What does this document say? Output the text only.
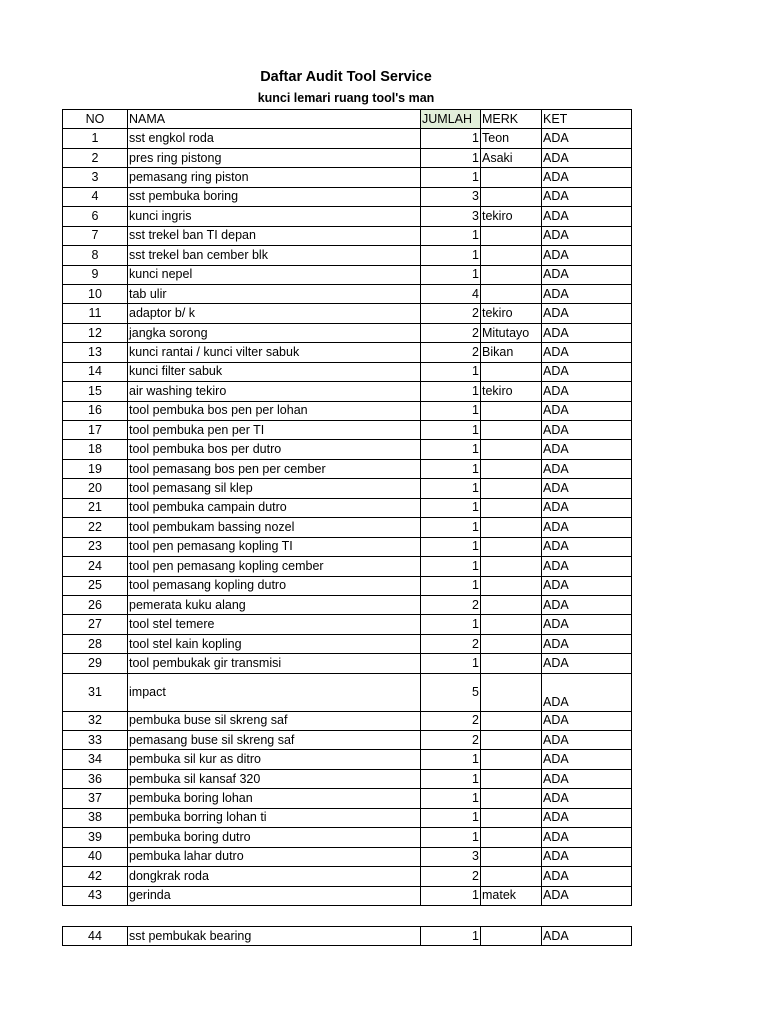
Daftar Audit Tool Service
kunci lemari ruang tool's man
NO	NAMA	JUMLAH	MERK	KET
1	sst engkol roda	1	Teon	ADA
2	pres ring pistong	1	Asaki	ADA
3	pemasang ring piston	1		ADA
4	sst pembuka boring	3		ADA
6	kunci ingris	3	tekiro	ADA
7	sst trekel ban TI depan	1		ADA
8	sst trekel ban cember blk	1		ADA
9	kunci nepel	1		ADA
10	tab ulir	4		ADA
11	adaptor b/ k	2	tekiro	ADA
12	jangka sorong	2	Mitutayo	ADA
13	kunci rantai / kunci vilter sabuk	2	Bikan	ADA
14	kunci filter sabuk	1		ADA
15	air washing tekiro	1	tekiro	ADA
16	tool pembuka bos pen per lohan	1		ADA
17	tool pembuka pen per TI	1		ADA
18	tool pembuka bos per dutro	1		ADA
19	tool pemasang bos pen per cember	1		ADA
20	tool pemasang sil klep	1		ADA
21	tool pembuka campain dutro	1		ADA
22	tool pembukam bassing nozel	1		ADA
23	tool pen pemasang kopling TI	1		ADA
24	tool pen pemasang kopling cember	1		ADA
25	tool pemasang kopling dutro	1		ADA
26	pemerata kuku alang	2		ADA
27	tool stel temere	1		ADA
28	tool stel kain kopling	2		ADA
29	tool pembukak gir transmisi	1		ADA
31	impact	5		ADA
32	pembuka buse sil skreng saf	2		ADA
33	pemasang buse sil skreng saf	2		ADA
34	pembuka sil kur as ditro	1		ADA
36	pembuka sil kansaf 320	1		ADA
37	pembuka boring lohan	1		ADA
38	pembuka borring lohan ti	1		ADA
39	pembuka boring dutro	1		ADA
40	pembuka lahar dutro	3		ADA
42	dongkrak roda	2		ADA
43	gerinda	1	matek	ADA
44	sst pembukak bearing	1		ADA
